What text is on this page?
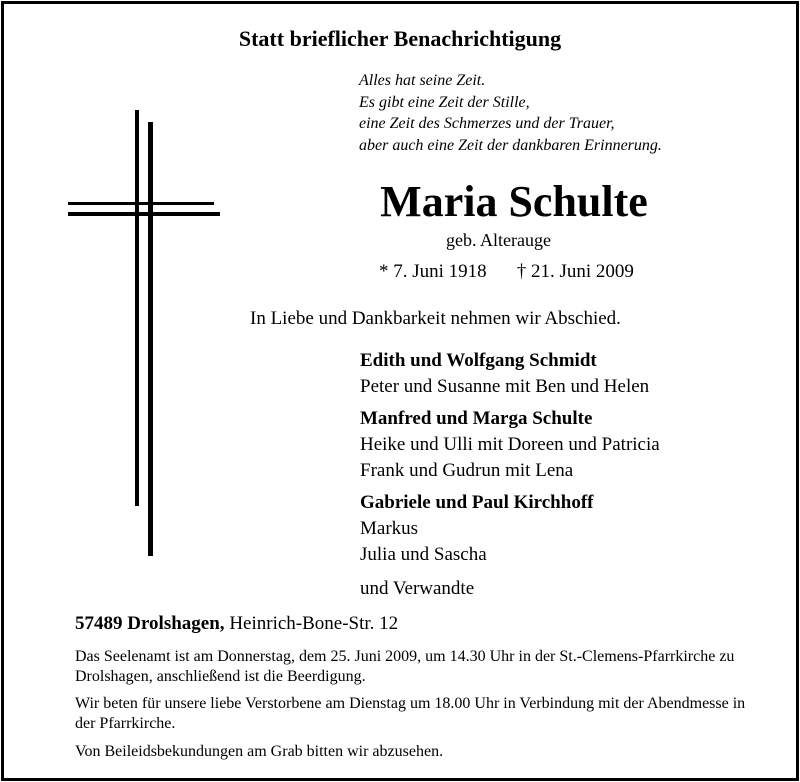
Statt brieflicher Benachrichtigung
Alles hat seine Zeit.
Es gibt eine Zeit der Stille,
eine Zeit des Schmerzes und der Trauer,
aber auch eine Zeit der dankbaren Erinnerung.
Maria Schulte
geb. Alterauge
* 7. Juni 1918 † 21. Juni 2009
In Liebe und Dankbarkeit nehmen wir Abschied.
Edith und Wolfgang Schmidt
Peter und Susanne mit Ben und Helen
Manfred und Marga Schulte
Heike und Ulli mit Doreen und Patricia
Frank und Gudrun mit Lena
Gabriele und Paul Kirchhoff
Markus
Julia und Sascha
und Verwandte
57489 Drolshagen, Heinrich-Bone-Str. 12
Das Seelenamt ist am Donnerstag, dem 25. Juni 2009, um 14.30 Uhr in der St.-Clemens-Pfarrkirche zu Drolshagen, anschließend ist die Beerdigung.
Wir beten für unsere liebe Verstorbene am Dienstag um 18.00 Uhr in Verbindung mit der Abendmesse in der Pfarrkirche.
Von Beileidsbekundungen am Grab bitten wir abzusehen.
